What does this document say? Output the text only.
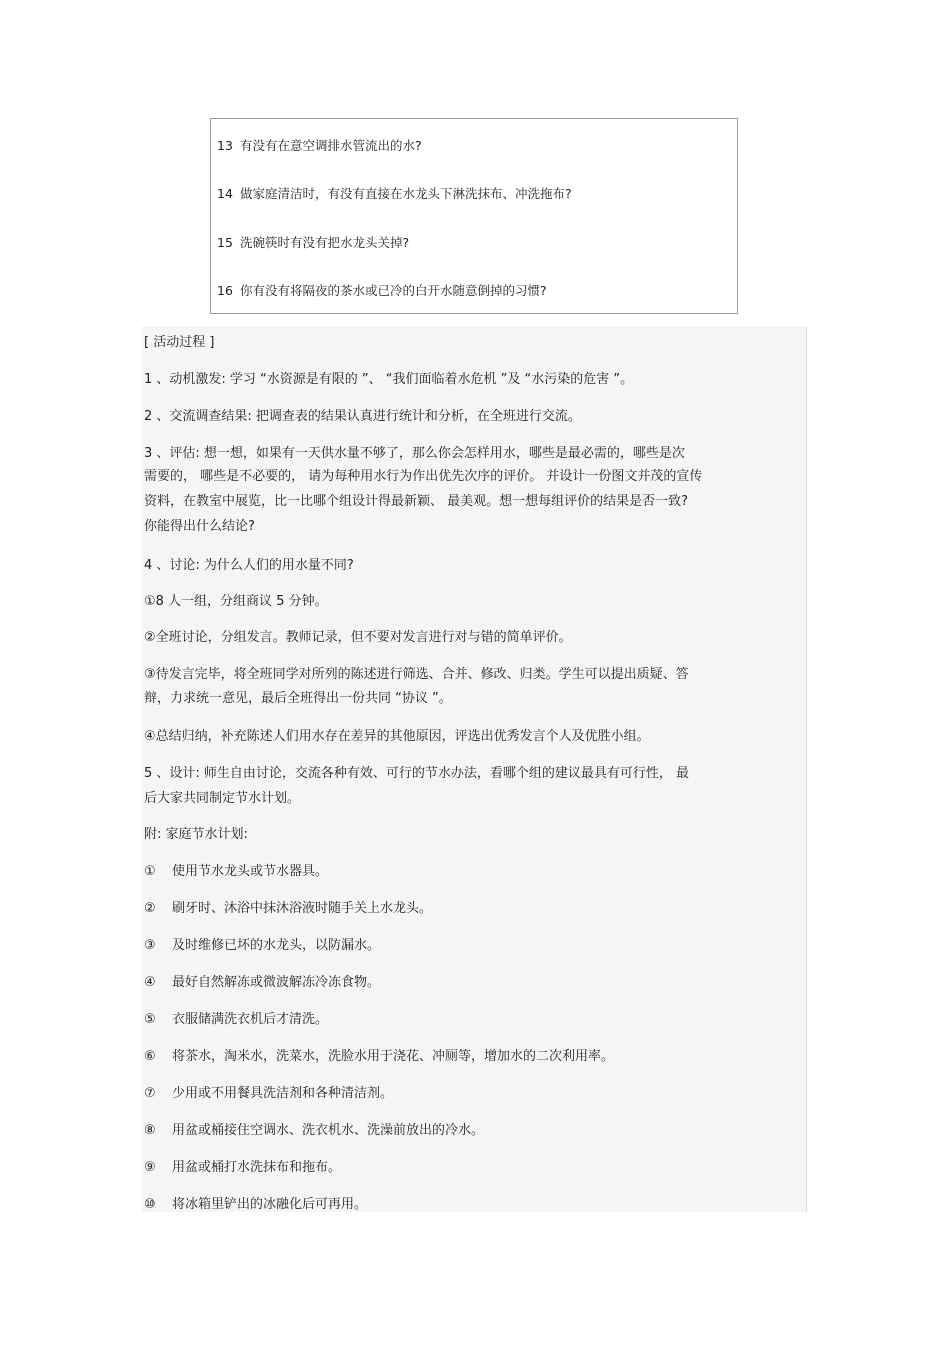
13 有没有在意空调排水管流出的水?
14 做家庭清洁时，有没有直接在水龙头下淋洗抹布、冲洗拖布?
15 洗碗筷时有没有把水龙头关掉?
16 你有没有将隔夜的茶水或已冷的白开水随意倒掉的习惯?
[ 活动过程 ]
1 、动机激发: 学习 “水资源是有限的 ”、 “我们面临着水危机 ”及 “水污染的危害 ”。
2 、交流调查结果: 把调查表的结果认真进行统计和分析，在全班进行交流。
3 、评估: 想一想，如果有一天供水量不够了，那么你会怎样用水，哪些是最必需的，哪些是次
需要的， 哪些是不必要的， 请为每种用水行为作出优先次序的评价。 并设计一份图文并茂的宣传
资料，在教室中展览，比一比哪个组设计得最新颖、 最美观。想一想每组评价的结果是否一致?
你能得出什么结论?
4 、讨论: 为什么人们的用水量不同?
①8 人一组，分组商议 5 分钟。
②全班讨论，分组发言。教师记录，但不要对发言进行对与错的简单评价。
③待发言完毕，将全班同学对所列的陈述进行筛选、合并、修改、归类。学生可以提出质疑、答
辩，力求统一意见，最后全班得出一份共同 “协议 ”。
④总结归纳，补充陈述人们用水存在差异的其他原因，评选出优秀发言个人及优胜小组。
5 、设计: 师生自由讨论，交流各种有效、可行的节水办法，看哪个组的建议最具有可行性， 最
后大家共同制定节水计划。
附: 家庭节水计划:
① 使用节水龙头或节水器具。
② 刷牙时、沐浴中抹沐浴液时随手关上水龙头。
③ 及时维修已坏的水龙头，以防漏水。
④ 最好自然解冻或微波解冻冷冻食物。
⑤ 衣服储满洗衣机后才清洗。
⑥ 将茶水，淘米水，洗菜水，洗脸水用于浇花、冲厕等，增加水的二次利用率。
⑦ 少用或不用餐具洗洁剂和各种清洁剂。
⑧ 用盆或桶接住空调水、洗衣机水、洗澡前放出的冷水。
⑨ 用盆或桶打水洗抹布和拖布。
⑩ 将冰箱里铲出的冰融化后可再用。
